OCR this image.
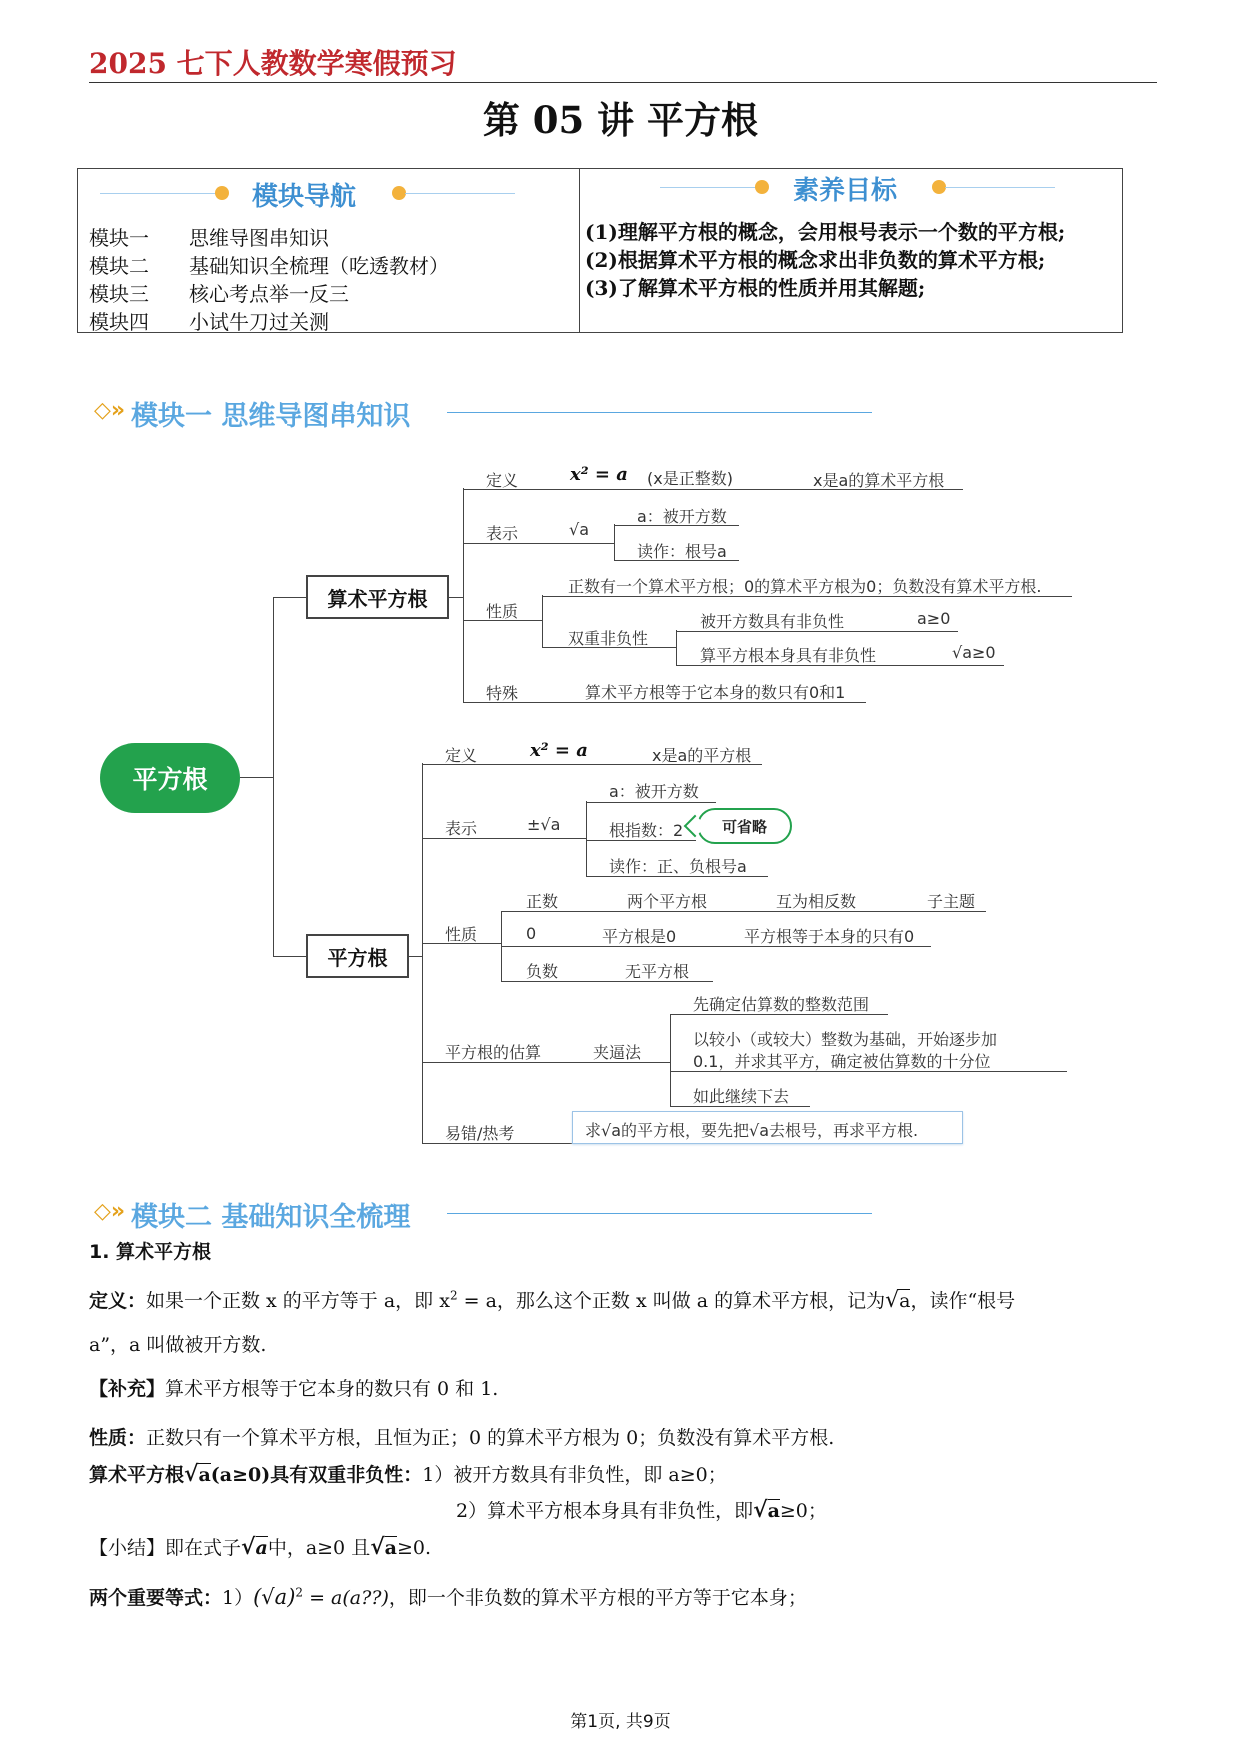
2025 七下人教数学寒假预习
第 05 讲 平方根
模块导航
模块一 思维导图串知识
模块二 基础知识全梳理（吃透教材）
模块三 核心考点举一反三
模块四 小试牛刀过关测
素养目标
(1)理解平方根的概念，会用根号表示一个数的平方根;
(2)根据算术平方根的概念求出非负数的算术平方根;
(3)了解算术平方根的性质并用其解题;
◇» 模块一 思维导图串知识
平方根
算术平方根
定义	x² = a (x是正整数)	x是a的算术平方根
表示	√a
a：被开方数
读作：根号a
性质
正数有一个算术平方根；0的算术平方根为0；负数没有算术平方根.
双重非负性
被开方数具有非负性	a≥0
算平方根本身具有非负性	√a≥0
特殊	算术平方根等于它本身的数只有0和1
平方根
定义	x² = a	x是a的平方根
表示	±√a
a：被开方数
根指数：2	可省略
读作：正、负根号a
性质
正数	两个平方根	互为相反数	子主题
0	平方根是0	平方根等于本身的只有0
负数	无平方根
平方根的估算	夹逼法
先确定估算数的整数范围
以较小（或较大）整数为基础，开始逐步加
0.1，并求其平方，确定被估算数的十分位
如此继续下去
易错/热考	求√a的平方根，要先把√a去根号，再求平方根.
◇» 模块二 基础知识全梳理
1. 算术平方根
定义：如果一个正数 x 的平方等于 a，即 $x^2 = a$，那么这个正数 x 叫做 a 的算术平方根，记为√a，读作“根号
a”，a 叫做被开方数.
【补充】算术平方根等于它本身的数只有 0 和 1.
性质：正数只有一个算术平方根，且恒为正；0 的算术平方根为 0；负数没有算术平方根.
算术平方根√a(a≥0)具有双重非负性：1）被开方数具有非负性，即 a≥0；
2）算术平方根本身具有非负性，即√a≥0；
【小结】即在式子√a中，a≥0 且√a≥0.
两个重要等式：$1)(√a)^2$ = a(a??)，即一个非负数的算术平方根的平方等于它本身；
第1页, 共9页
